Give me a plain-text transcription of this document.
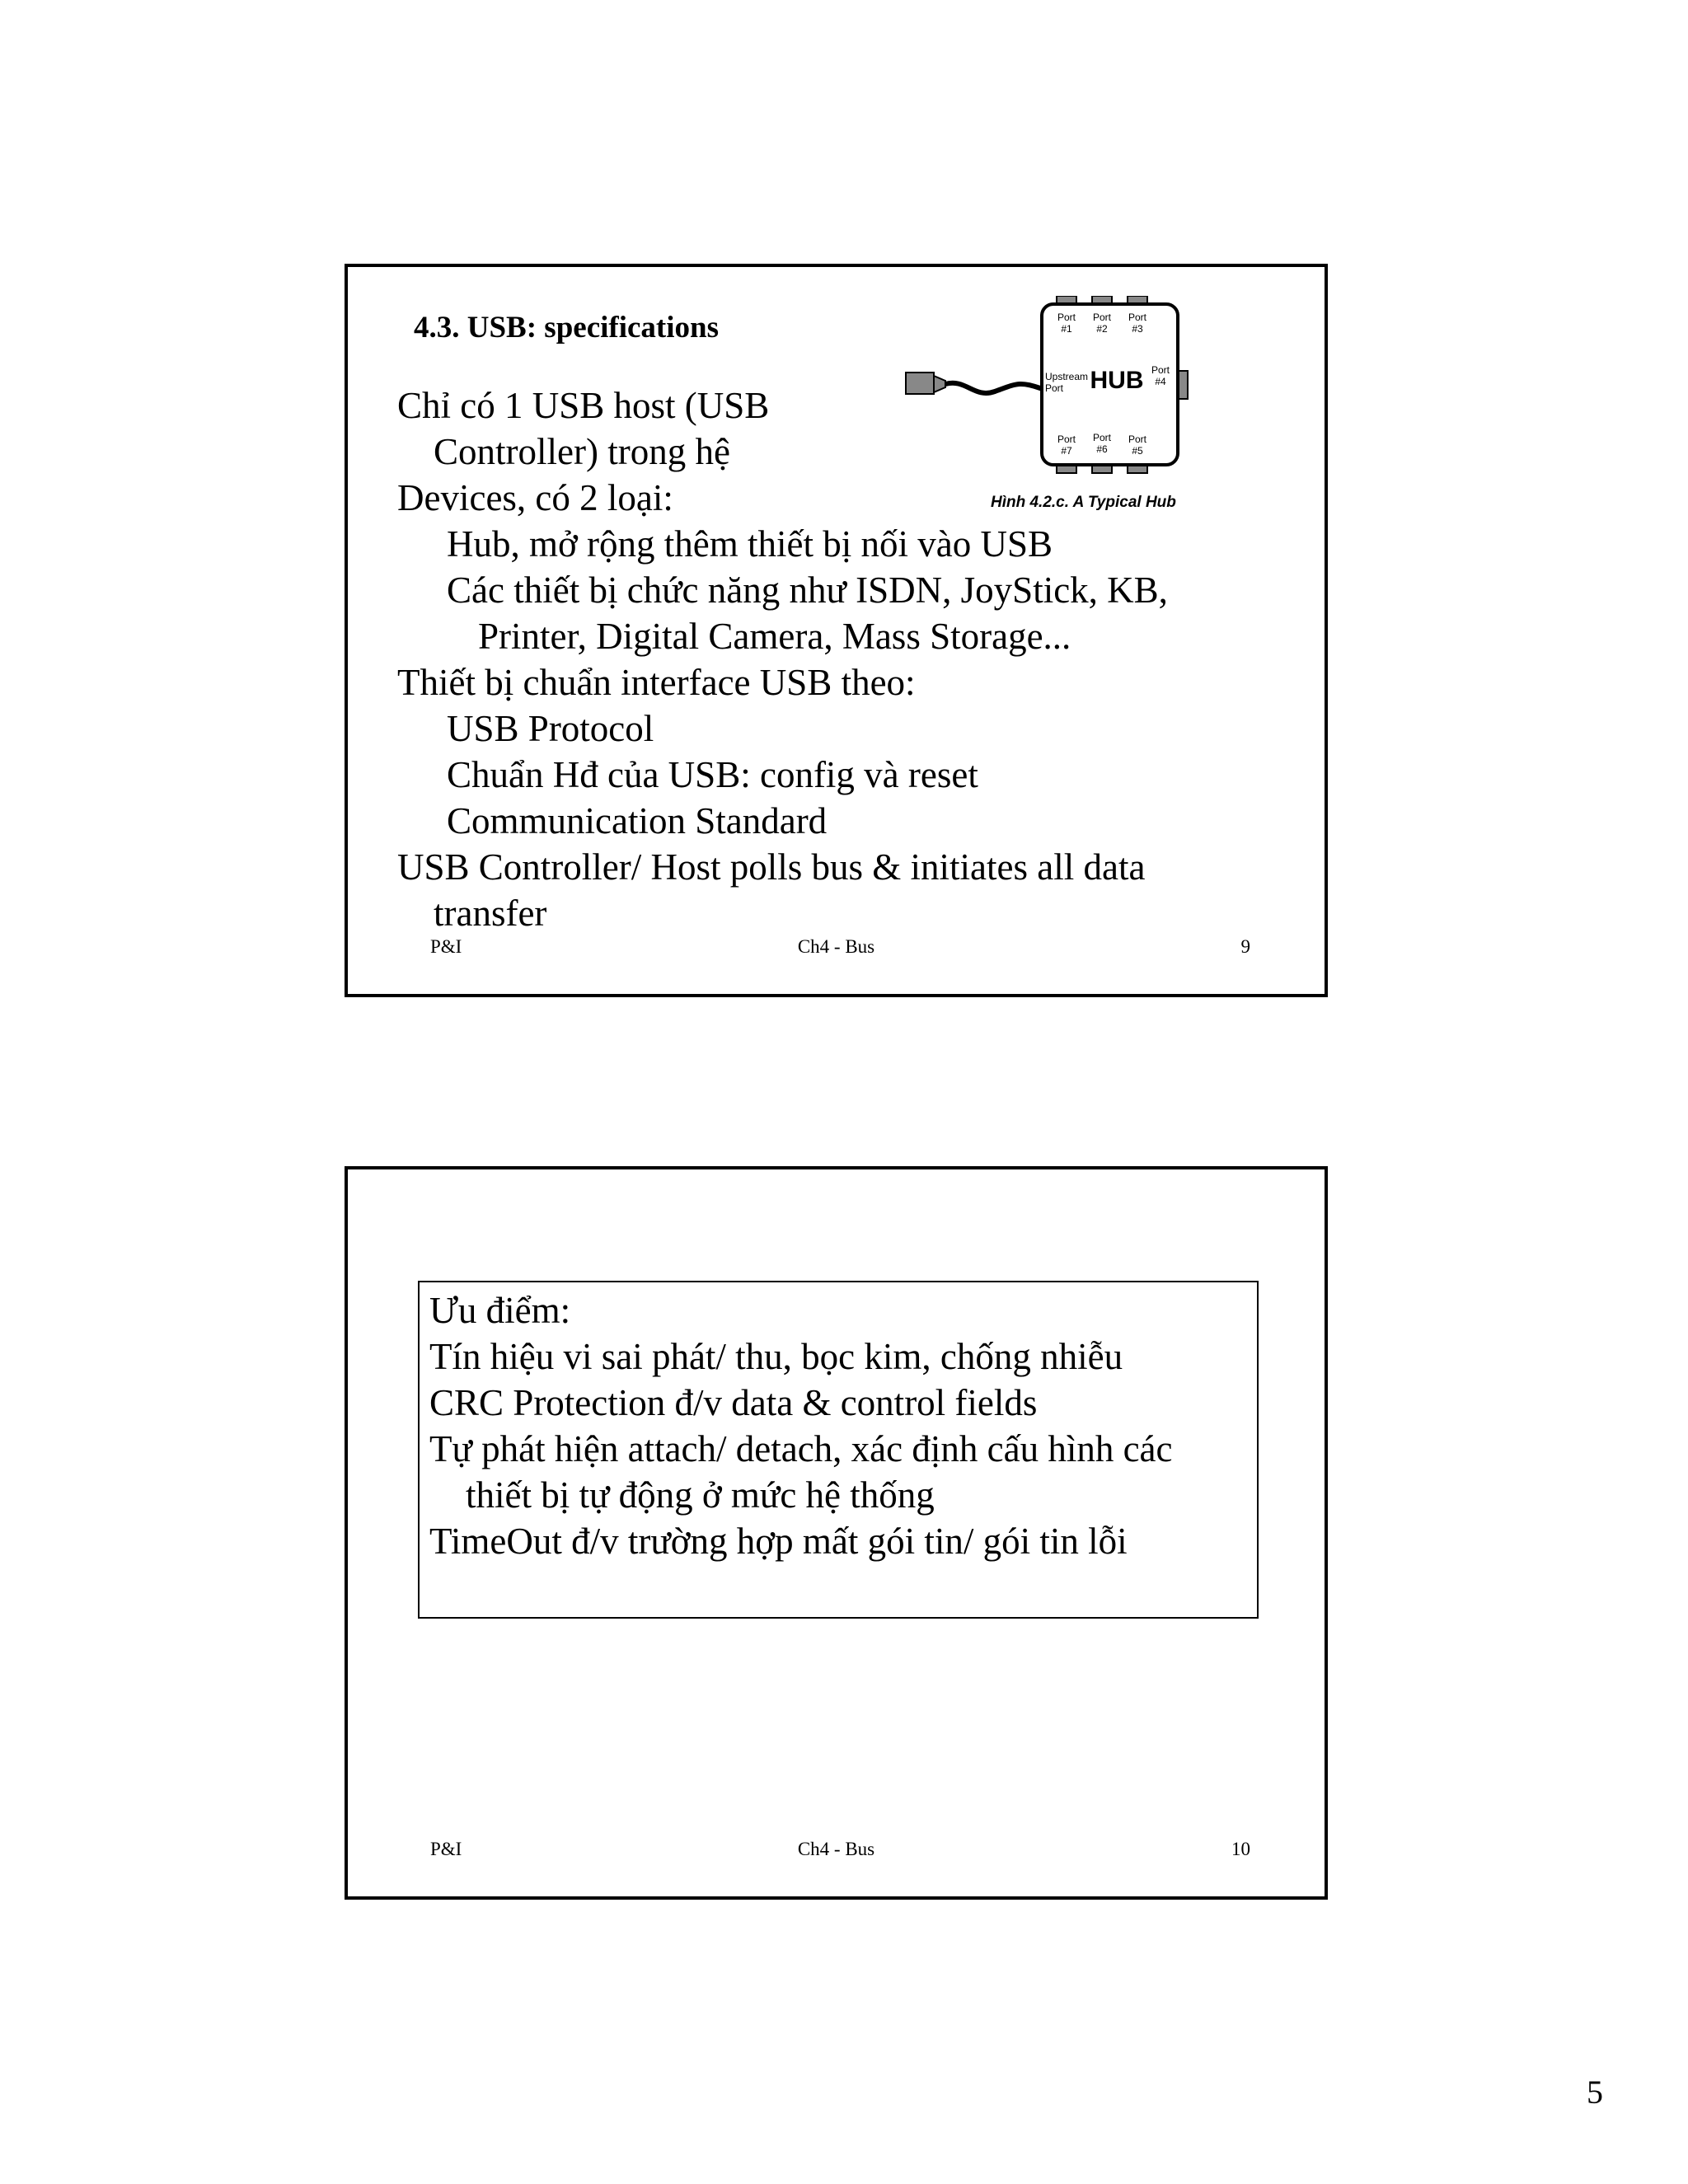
4.3. USB: specifications	Port
#1
Port
#2
Port
#3
Port
#4
Port
#5
Port
#6
Port
#7
Upstream
Port HUB
Hình 4.2.c. A Typical Hub
Chỉ có 1 USB host (USB
Controller) trong hệ
Devices, có 2 loại:
Hub, mở rộng thêm thiết bị nối vào USB
Các thiết bị chức năng như ISDN, JoyStick, KB,
Printer, Digital Camera, Mass Storage...
Thiết bị chuẩn interface USB theo:
USB Protocol
Chuẩn Hđ của USB: config và reset
Communication Standard
USB Controller/ Host polls bus & initiates all data
transfer
P&I	Ch4 - Bus	9
Ưu điểm:
Tín hiệu vi sai phát/ thu, bọc kim, chống nhiễu
CRC Protection đ/v data & control fields
Tự phát hiện attach/ detach, xác định cấu hình các
thiết bị tự động ở mức hệ thống
TimeOut đ/v trường hợp mất gói tin/ gói tin lỗi
P&I	Ch4 - Bus	10
5
